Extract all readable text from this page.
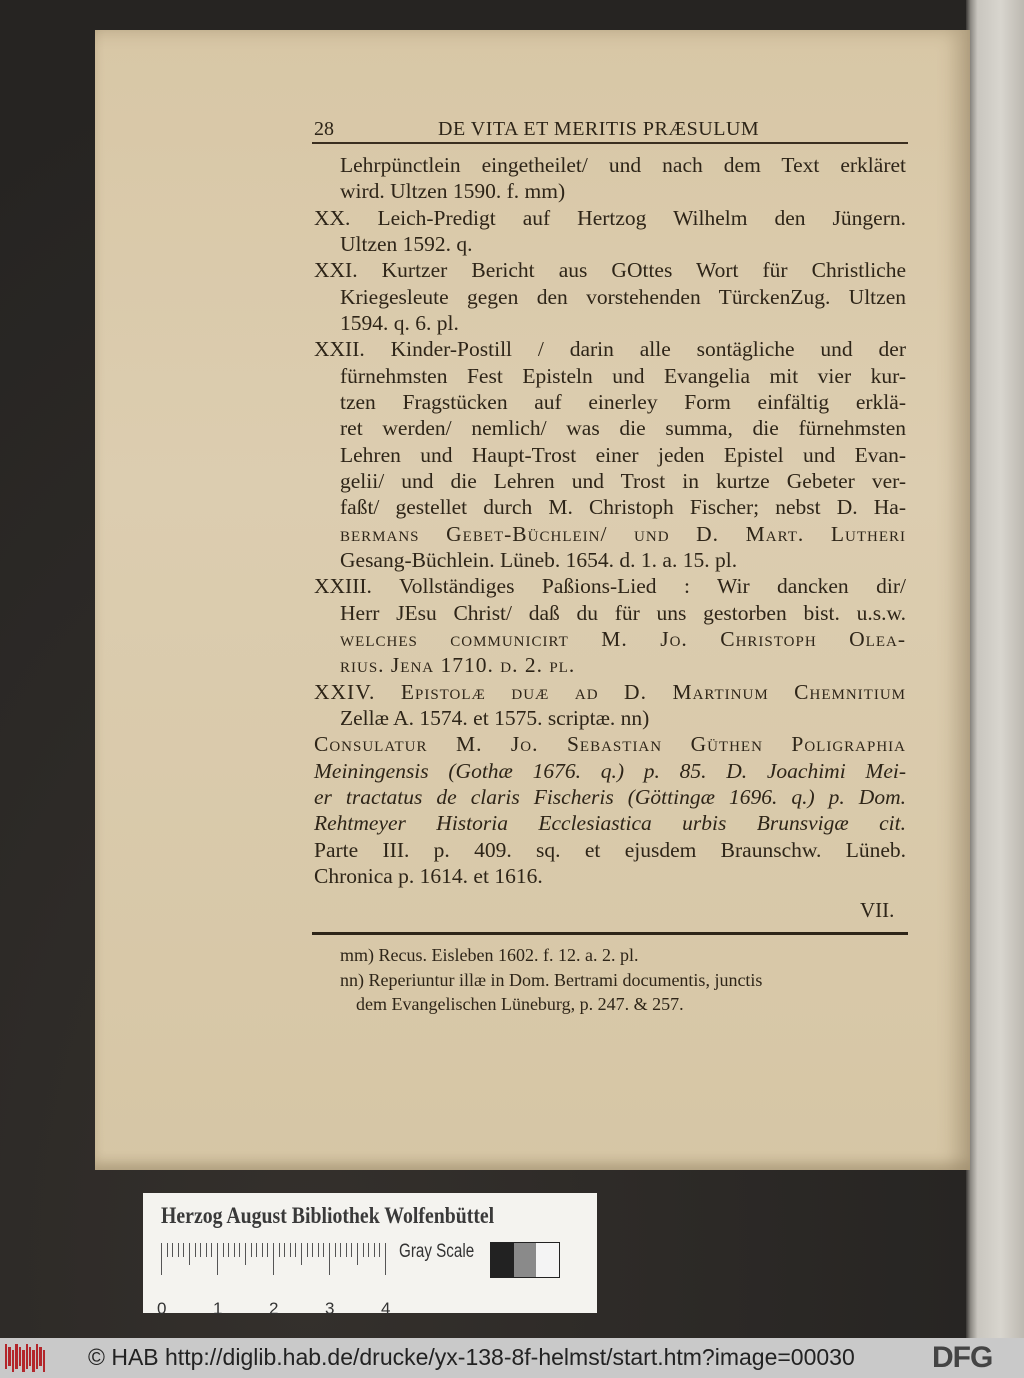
28	DE VITA ET MERITIS PRÆSULUM
Lehrpünctlein eingetheilet/ und nach dem Text erkläret
wird. Ultzen 1590. f. mm)
XX. Leich-Predigt auf Hertzog Wilhelm den Jüngern.
Ultzen 1592. q.
XXI. Kurtzer Bericht aus GOttes Wort für Christliche
Kriegesleute gegen den vorstehenden TürckenZug. Ultzen
1594. q. 6. pl.
XXII. Kinder-Postill / darin alle sontägliche und der
fürnehmsten Fest Episteln und Evangelia mit vier kur-
tzen Fragstücken auf einerley Form einfältig erklä-
ret werden/ nemlich/ was die summa, die fürnehmsten
Lehren und Haupt-Trost einer jeden Epistel und Evan-
gelii/ und die Lehren und Trost in kurtze Gebeter ver-
faßt/ gestellet durch M. Christoph Fischer; nebst D. Ha-
bermans Gebet-Büchlein/ und D. Mart. Lutheri
Gesang-Büchlein. Lüneb. 1654. d. 1. a. 15. pl.
XXIII. Vollständiges Paßions-Lied : Wir dancken dir/
Herr JEsu Christ/ daß du für uns gestorben bist. u.s.w.
welches communicirt M. Jo. Christoph Olea-
rius. Jena 1710. d. 2. pl.
XXIV. Epistolæ duæ ad D. Martinum Chemnitium
Zellæ A. 1574. et 1575. scriptæ. nn)
Consulatur M. Jo. Sebastian Güthen Poligraphia
Meiningensis (Gothæ 1676. q.) p. 85. D. Joachimi Mei-
er tractatus de claris Fischeris (Göttingæ 1696. q.) p. Dom.
Rehtmeyer Historia Ecclesiastica urbis Brunsvigæ cit.
Parte III. p. 409. sq. et ejusdem Braunschw. Lüneb.
Chronica p. 1614. et 1616.
VII.
mm) Recus. Eisleben 1602. f. 12. a. 2. pl.
nn) Reperiuntur illæ in Dom. Bertrami documentis, junctis
dem Evangelischen Lüneburg, p. 247. & 257.
Herzog August Bibliothek Wolfenbüttel
0	1	2	3	4
Gray Scale
© HAB http://diglib.hab.de/drucke/yx-138-8f-helmst/start.htm?image=00030	DFG
